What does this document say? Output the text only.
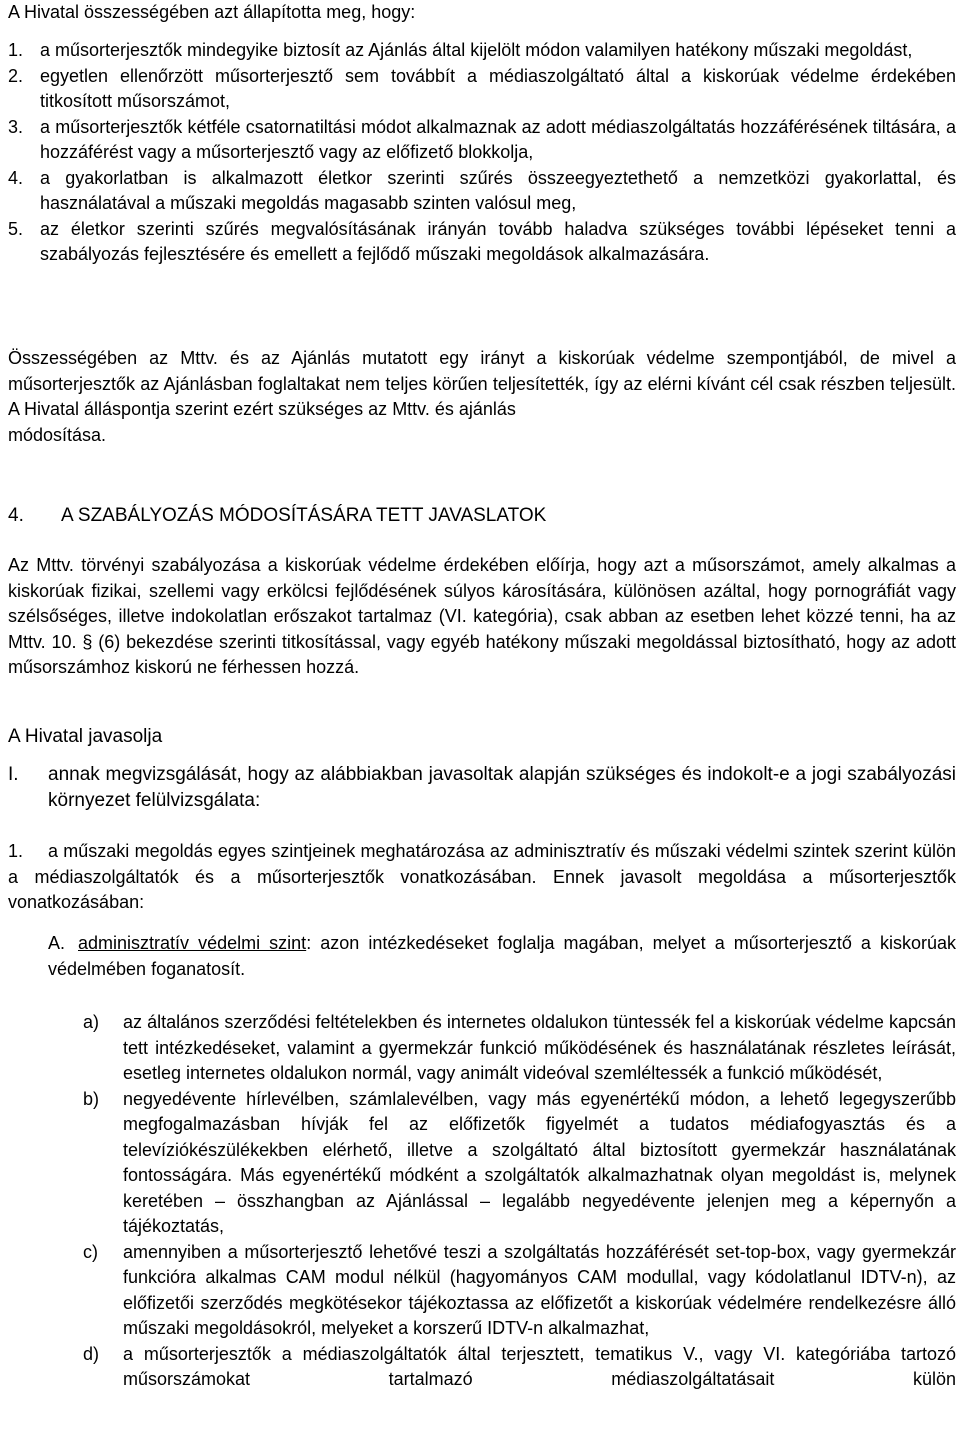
A Hivatal összességében azt állapította meg, hogy:

1. a műsorterjesztők mindegyike biztosít az Ajánlás által kijelölt módon valamilyen hatékony műszaki megoldást,
2. egyetlen ellenőrzött műsorterjesztő sem továbbít a médiaszolgáltató által a kiskorúak védelme érdekében titkosított műsorszámot,
3. a műsorterjesztők kétféle csatornatiltási módot alkalmaznak az adott médiaszolgáltatás hozzáférésének tiltására, a hozzáférést vagy a műsorterjesztő vagy az előfizető blokkolja,
4. a gyakorlatban is alkalmazott életkor szerinti szűrés összeegyeztethető a nemzetközi gyakorlattal, és használatával a műszaki megoldás magasabb szinten valósul meg,
5. az életkor szerinti szűrés megvalósításának irányán tovább haladva szükséges további lépéseket tenni a szabályozás fejlesztésére és emellett a fejlődő műszaki megoldások alkalmazására.

Összességében az Mttv. és az Ajánlás mutatott egy irányt a kiskorúak védelme szempontjából, de mivel a műsorterjesztők az Ajánlásban foglaltakat nem teljes körűen teljesítették, így az elérni kívánt cél csak részben teljesült. A Hivatal álláspontja szerint ezért szükséges az Mttv. és ajánlás

módosítása.

4. A SZABÁLYOZÁS MÓDOSÍTÁSÁRA TETT JAVASLATOK

Az Mttv. törvényi szabályozása a kiskorúak védelme érdekében előírja, hogy azt a műsorszámot, amely alkalmas a kiskorúak fizikai, szellemi vagy erkölcsi fejlődésének súlyos károsítására, különösen azáltal, hogy pornográfiát vagy szélsőséges, illetve indokolatlan erőszakot tartalmaz (VI. kategória), csak abban az esetben lehet közzé tenni, ha az Mttv. 10. § (6) bekezdése szerinti titkosítással, vagy egyéb hatékony műszaki megoldással biztosítható, hogy az adott műsorszámhoz kiskorú ne férhessen hozzá.

A Hivatal javasolja

I. annak megvizsgálását, hogy az alábbiakban javasoltak alapján szükséges és indokolt-e a jogi szabályozási környezet felülvizsgálata:

1. a műszaki megoldás egyes szintjeinek meghatározása az adminisztratív és műszaki védelmi szintek szerint külön a médiaszolgáltatók és a műsorterjesztők vonatkozásában. Ennek javasolt megoldása a műsorterjesztők vonatkozásában:

A. adminisztratív védelmi szint: azon intézkedéseket foglalja magában, melyet a műsorterjesztő a kiskorúak védelmében foganatosít.

a) az általános szerződési feltételekben és internetes oldalukon tüntessék fel a kiskorúak védelme kapcsán tett intézkedéseket, valamint a gyermekzár funkció működésének és használatának részletes leírását, esetleg internetes oldalukon normál, vagy animált videóval szemléltessék a funkció működését,
b) negyedévente hírlevélben, számlalevélben, vagy más egyenértékű módon, a lehető legegyszerűbb megfogalmazásban hívják fel az előfizetők figyelmét a tudatos médiafogyasztás és a televíziókészülékekben elérhető, illetve a szolgáltató által biztosított gyermekzár használatának fontosságára. Más egyenértékű módként a szolgáltatók alkalmazhatnak olyan megoldást is, melynek keretében – összhangban az Ajánlással – legalább negyedévente jelenjen meg a képernyőn a tájékoztatás,
c) amennyiben a műsorterjesztő lehetővé teszi a szolgáltatás hozzáférését set-top-box, vagy gyermekzár funkcióra alkalmas CAM modul nélkül (hagyományos CAM modullal, vagy kódolatlanul IDTV-n), az előfizetői szerződés megkötésekor tájékoztassa az előfizetőt a kiskorúak védelmére rendelkezésre álló műszaki megoldásokról, melyeket a korszerű IDTV-n alkalmazhat,
d) a műsorterjesztők a médiaszolgáltatók által terjesztett, tematikus V., vagy VI. kategóriába tartozó műsorszámokat tartalmazó médiaszolgáltatásait külön
